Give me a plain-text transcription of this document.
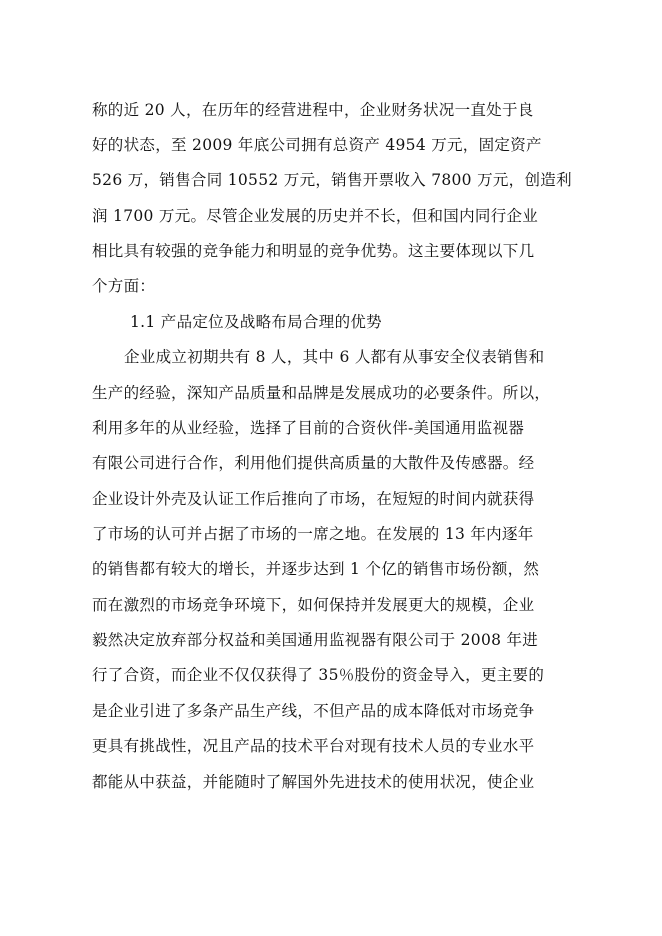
称的近 20 人，在历年的经营进程中，企业财务状况一直处于良
好的状态，至 2009 年底公司拥有总资产 4954 万元，固定资产
526 万，销售合同 10552 万元，销售开票收入 7800 万元，创造利
润 1700 万元。尽管企业发展的历史并不长，但和国内同行企业
相比具有较强的竞争能力和明显的竞争优势。这主要体现以下几
个方面：
1.1 产品定位及战略布局合理的优势
企业成立初期共有 8 人，其中 6 人都有从事安全仪表销售和
生产的经验，深知产品质量和品牌是发展成功的必要条件。所以，
利用多年的从业经验，选择了目前的合资伙伴-美国通用监视器
有限公司进行合作，利用他们提供高质量的大散件及传感器。经
企业设计外壳及认证工作后推向了市场，在短短的时间内就获得
了市场的认可并占据了市场的一席之地。在发展的 13 年内逐年
的销售都有较大的增长，并逐步达到 1 个亿的销售市场份额，然
而在激烈的市场竞争环境下，如何保持并发展更大的规模，企业
毅然决定放弃部分权益和美国通用监视器有限公司于 2008 年进
行了合资，而企业不仅仅获得了 35％股份的资金导入，更主要的
是企业引进了多条产品生产线，不但产品的成本降低对市场竞争
更具有挑战性，况且产品的技术平台对现有技术人员的专业水平
都能从中获益，并能随时了解国外先进技术的使用状况，使企业
